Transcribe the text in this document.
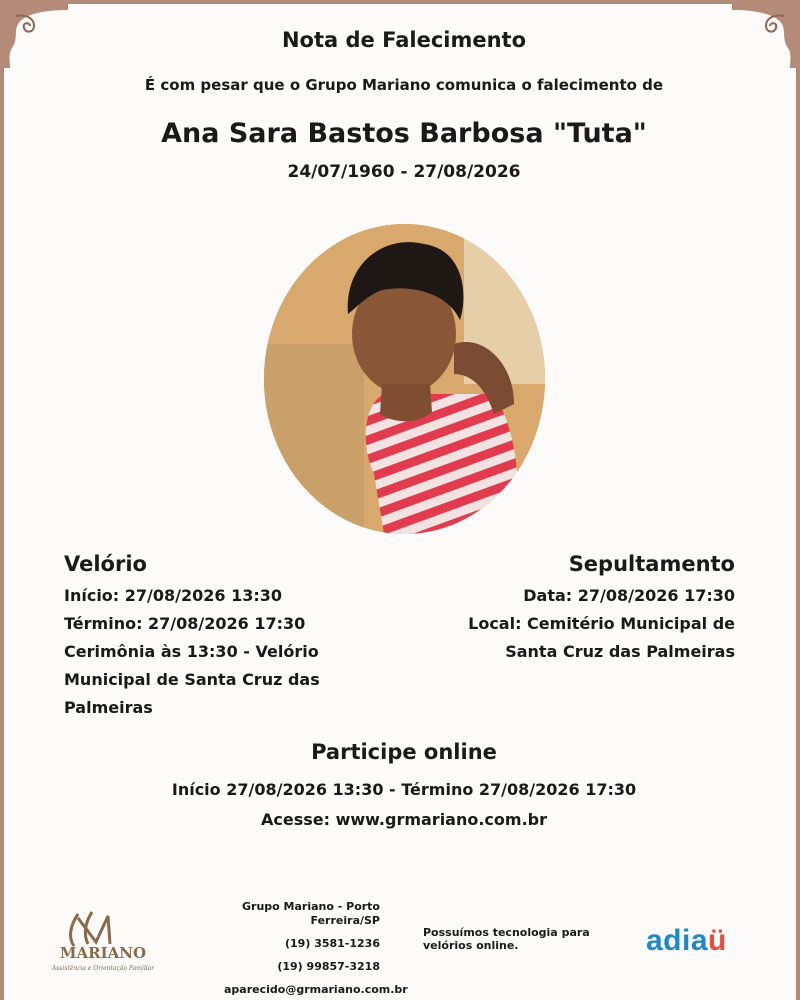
Nota de Falecimento
É com pesar que o Grupo Mariano comunica o falecimento de
Ana Sara Bastos Barbosa "Tuta"
24/07/1960 - 27/08/2026
Velório
Início: 27/08/2026 13:30
Término: 27/08/2026 17:30
Cerimônia às 13:30 - Velório
Municipal de Santa Cruz das
Palmeiras
Sepultamento
Data: 27/08/2026 17:30
Local: Cemitério Municipal de
Santa Cruz das Palmeiras
Participe online
Início 27/08/2026 13:30 - Término 27/08/2026 17:30
Acesse: www.grmariano.com.br
MARIANO
Assistência e Orientação Familiar
Grupo Mariano - Porto
Ferreira/SP
(19) 3581-1236
(19) 99857-3218
aparecido@grmariano.com.br
Possuímos tecnologia para velórios online.	adiaü
